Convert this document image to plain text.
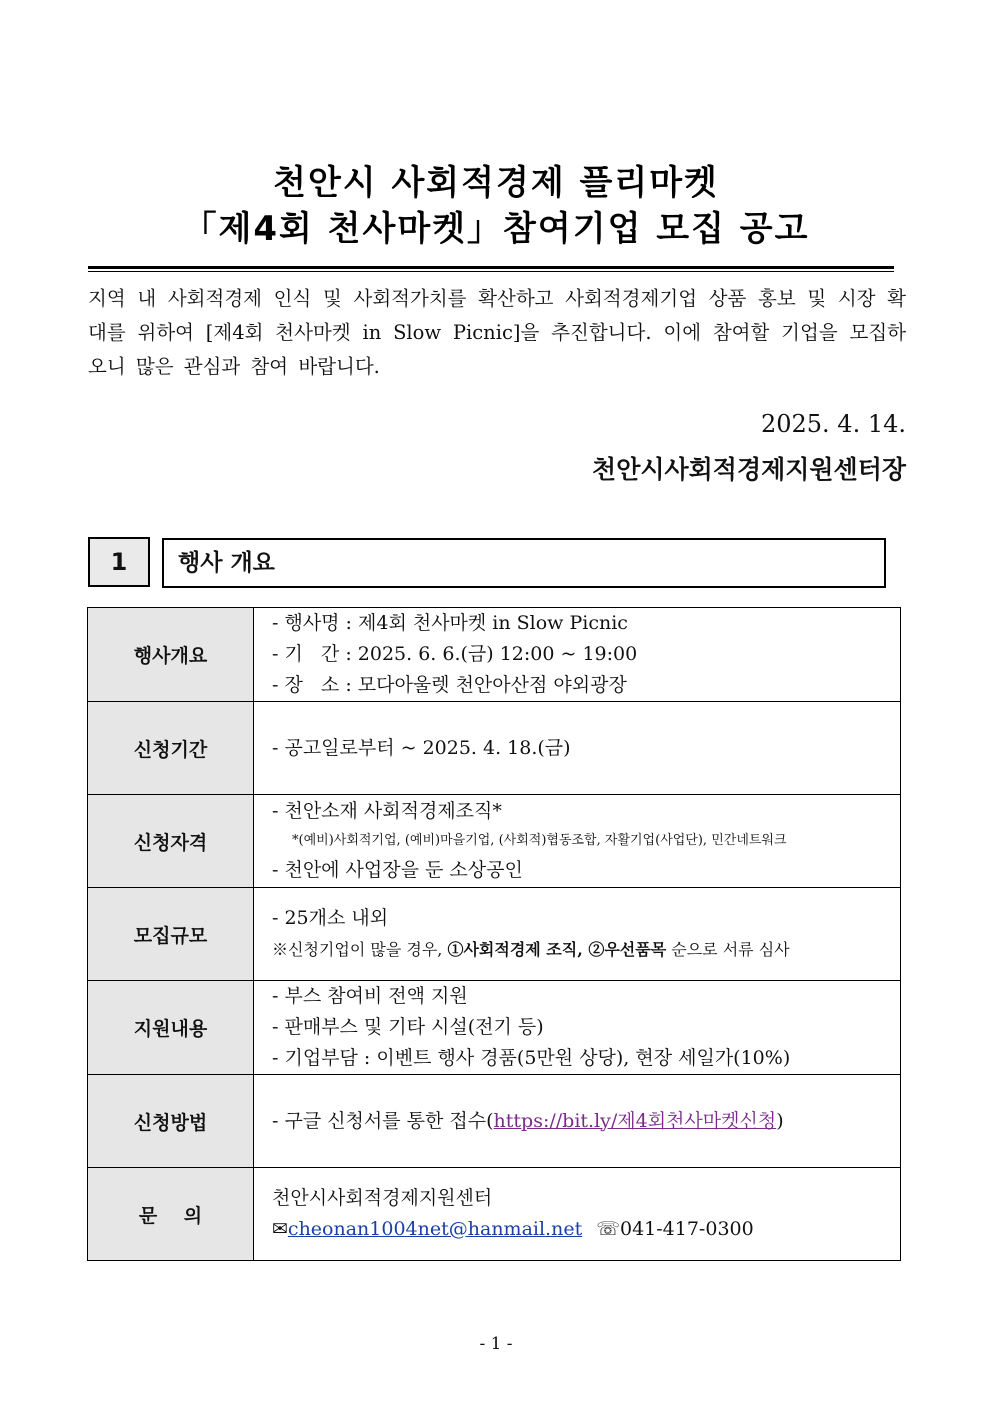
천안시 사회적경제 플리마켓
「제4회 천사마켓」참여기업 모집 공고
지역 내 사회적경제 인식 및 사회적가치를 확산하고 사회적경제기업 상품 홍보 및 시장 확대를 위하여 [제4회 천사마켓 in Slow Picnic]을 추진합니다. 이에 참여할 기업을 모집하오니 많은 관심과 참여 바랍니다.
2025. 4. 14.
천안시사회적경제지원센터장
1	행사 개요
행사개요	- 행사명 : 제4회 천사마켓 in Slow Picnic
- 기   간 : 2025. 6. 6.(금) 12:00 ~ 19:00
- 장   소 : 모다아울렛 천안아산점 야외광장

신청기간	- 공고일로부터 ~ 2025. 4. 18.(금)

신청자격	- 천안소재 사회적경제조직*
*(예비)사회적기업, (예비)마을기업, (사회적)협동조합, 자활기업(사업단), 민간네트워크
- 천안에 사업장을 둔 소상공인

모집규모	- 25개소 내외
※신청기업이 많을 경우, ①사회적경제 조직, ②우선품목 순으로 서류 심사

지원내용	- 부스 참여비 전액 지원
- 판매부스 및 기타 시설(전기 등)
- 기업부담 : 이벤트 행사 경품(5만원 상당), 현장 세일가(10%)

신청방법	- 구글 신청서를 통한 접수(https://bit.ly/제4회천사마켓신청)

문    의	천안시사회적경제지원센터
✉cheonan1004net@hanmail.net ☏041-417-0300
- 1 -
